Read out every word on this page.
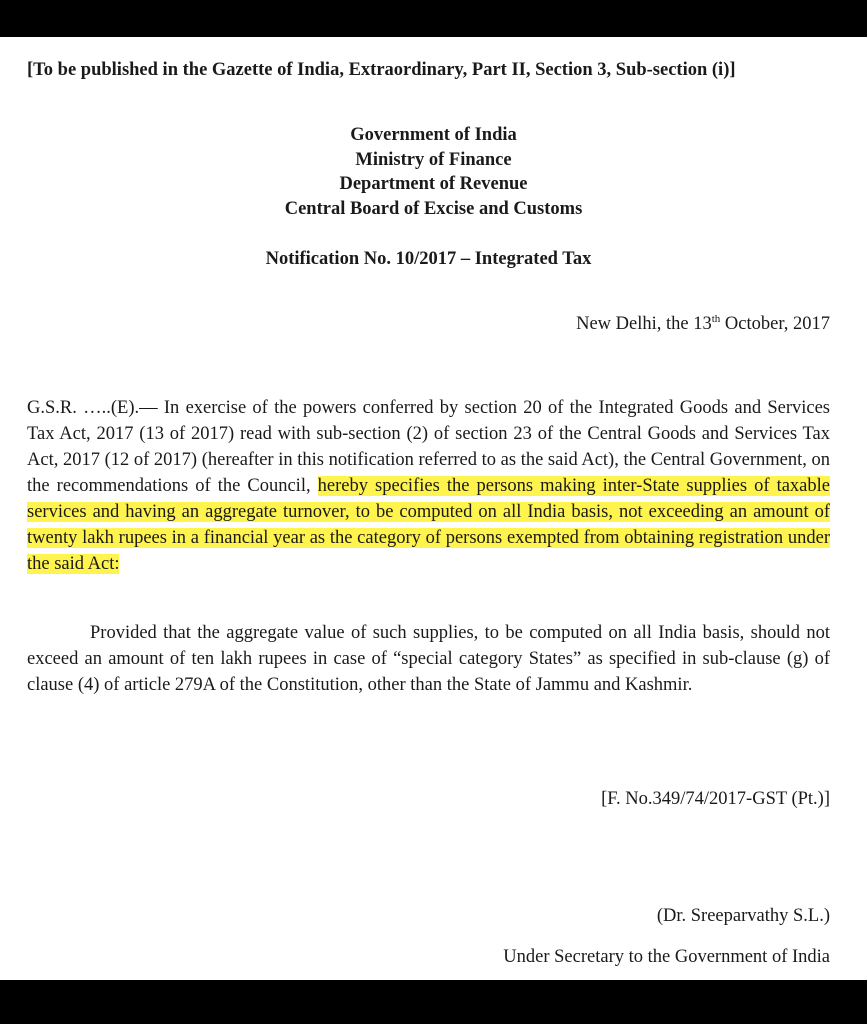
[To be published in the Gazette of India, Extraordinary, Part II, Section 3, Sub-section (i)]
Government of India
Ministry of Finance
Department of Revenue
Central Board of Excise and Customs
Notification No. 10/2017 – Integrated Tax
New Delhi, the 13th October, 2017
G.S.R. …..(E).— In exercise of the powers conferred by section 20 of the Integrated Goods and Services Tax Act, 2017 (13 of 2017) read with sub-section (2) of section 23 of the Central Goods and Services Tax Act, 2017 (12 of 2017) (hereafter in this notification referred to as the said Act), the Central Government, on the recommendations of the Council, hereby specifies the persons making inter-State supplies of taxable services and having an aggregate turnover, to be computed on all India basis, not exceeding an amount of twenty lakh rupees in a financial year as the category of persons exempted from obtaining registration under the said Act:
Provided that the aggregate value of such supplies, to be computed on all India basis, should not exceed an amount of ten lakh rupees in case of “special category States” as specified in sub-clause (g) of clause (4) of article 279A of the Constitution, other than the State of Jammu and Kashmir.
[F. No.349/74/2017-GST (Pt.)]
(Dr. Sreeparvathy S.L.)
Under Secretary to the Government of India
